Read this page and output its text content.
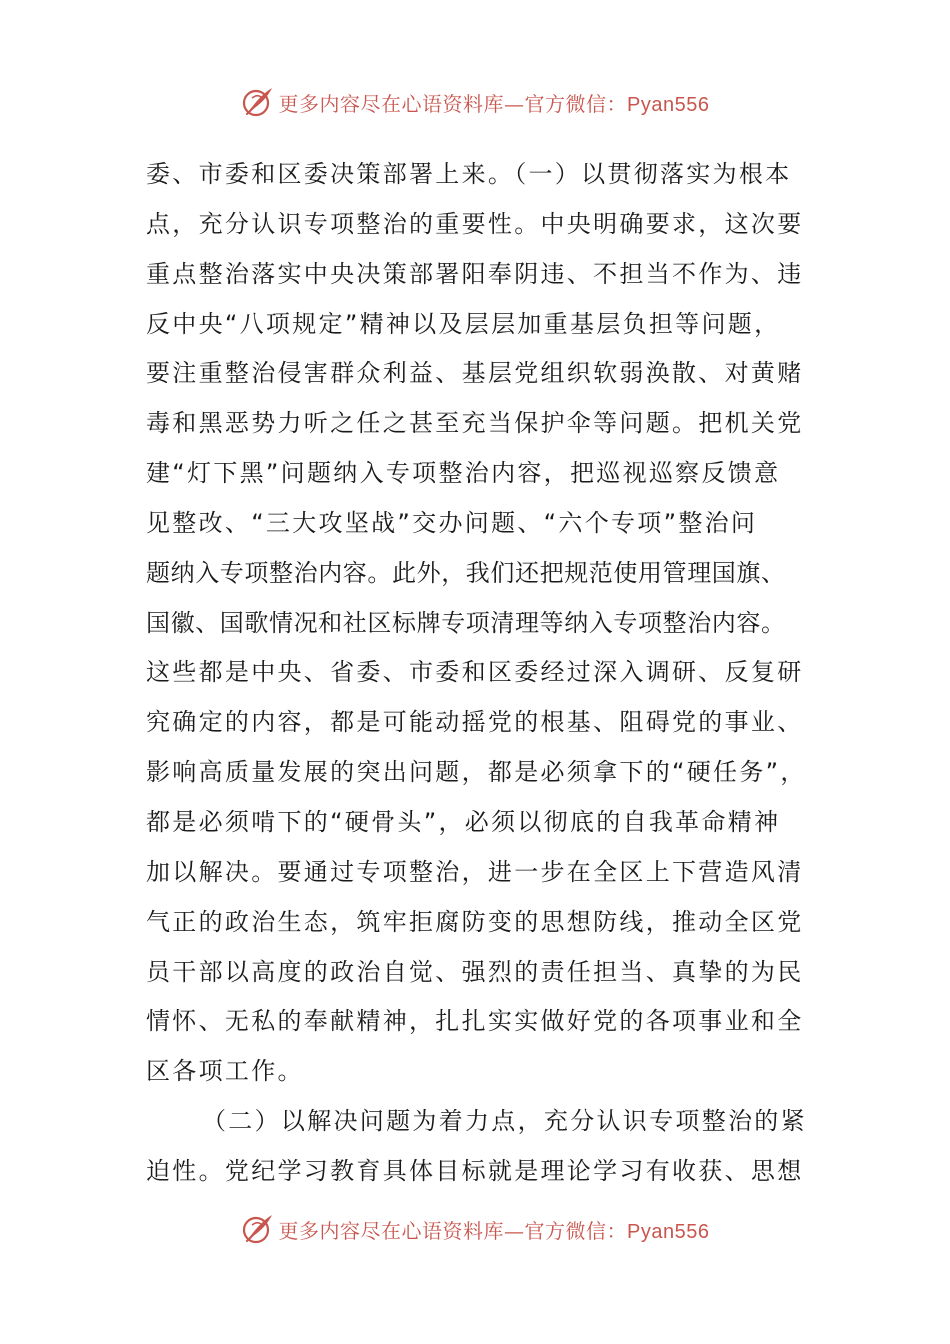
更多内容尽在心语资料库—官方微信：Pyan556
委、市委和区委决策部署上来。（一）以贯彻落实为根本
点，充分认识专项整治的重要性。中央明确要求，这次要
重点整治落实中央决策部署阳奉阴违、不担当不作为、违
反中央“八项规定”精神以及层层加重基层负担等问题，
要注重整治侵害群众利益、基层党组织软弱涣散、对黄赌
毒和黑恶势力听之任之甚至充当保护伞等问题。把机关党
建“灯下黑”问题纳入专项整治内容，把巡视巡察反馈意
见整改、“三大攻坚战”交办问题、“六个专项”整治问
题纳入专项整治内容。此外，我们还把规范使用管理国旗、
国徽、国歌情况和社区标牌专项清理等纳入专项整治内容。
这些都是中央、省委、市委和区委经过深入调研、反复研
究确定的内容，都是可能动摇党的根基、阻碍党的事业、
影响高质量发展的突出问题，都是必须拿下的“硬任务”，
都是必须啃下的“硬骨头”，必须以彻底的自我革命精神
加以解决。要通过专项整治，进一步在全区上下营造风清
气正的政治生态，筑牢拒腐防变的思想防线，推动全区党
员干部以高度的政治自觉、强烈的责任担当、真挚的为民
情怀、无私的奉献精神，扎扎实实做好党的各项事业和全
区各项工作。
（二）以解决问题为着力点，充分认识专项整治的紧
迫性。党纪学习教育具体目标就是理论学习有收获、思想
更多内容尽在心语资料库—官方微信：Pyan556
